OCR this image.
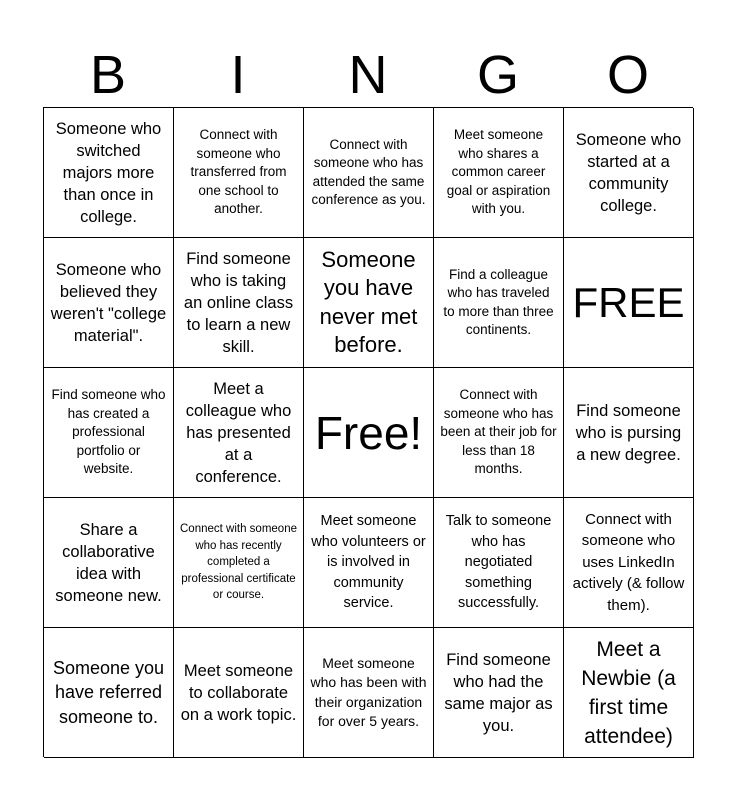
B	I	N	G	O
Someone who switched majors more than once in college.
Connect with someone who transferred from one school to another.
Connect with someone who has attended the same conference as you.
Meet someone who shares a common career goal or aspiration with you.
Someone who started at a community college.
Someone who believed they weren't "college material".
Find someone who is taking an online class to learn a new skill.
Someone you have never met before.
Find a colleague who has traveled to more than three continents.
FREE
Find someone who has created a professional portfolio or website.
Meet a colleague who has presented at a conference.
Free!
Connect with someone who has been at their job for less than 18 months.
Find someone who is pursing a new degree.
Share a collaborative idea with someone new.
Connect with someone who has recently completed a professional certificate or course.
Meet someone who volunteers or is involved in community service.
Talk to someone who has negotiated something successfully.
Connect with someone who uses LinkedIn actively (& follow them).
Someone you have referred someone to.
Meet someone to collaborate on a work topic.
Meet someone who has been with their organization for over 5 years.
Find someone who had the same major as you.
Meet a Newbie (a first time attendee)
